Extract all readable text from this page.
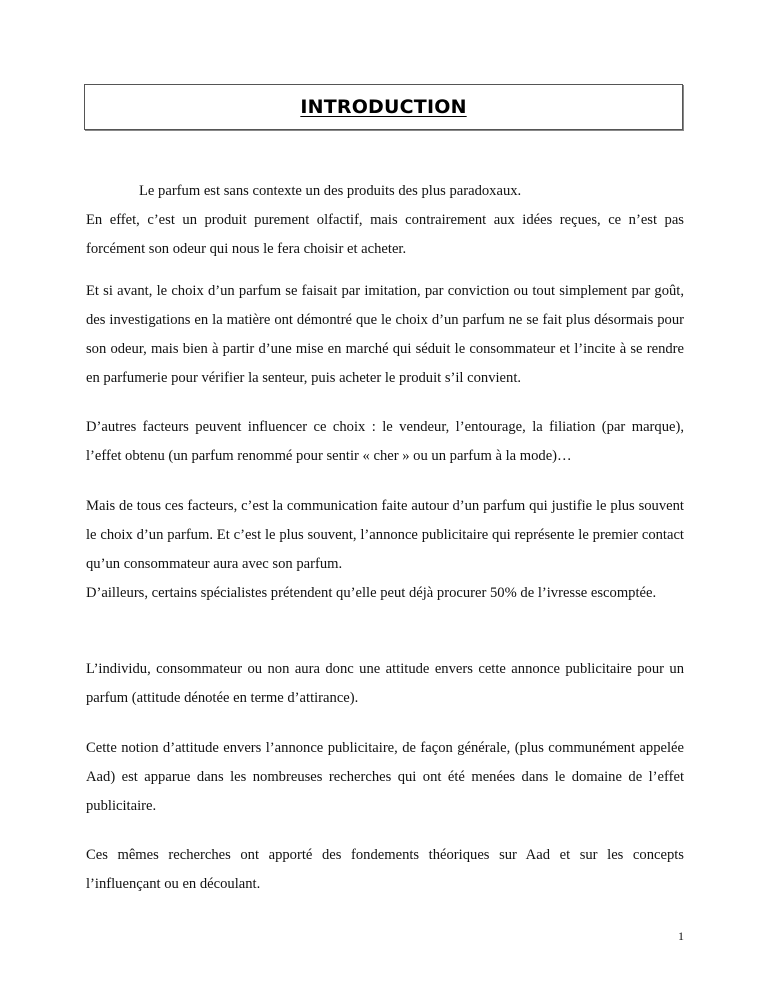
INTRODUCTION

Le parfum est sans contexte un des produits des plus paradoxaux.

En effet, c’est un produit purement olfactif, mais contrairement aux idées reçues, ce n’est pas forcément son odeur qui nous le fera choisir et acheter.

Et si avant, le choix d’un parfum se faisait par imitation, par conviction ou tout simplement par goût, des investigations en la matière ont démontré que le choix d’un parfum ne se fait plus désormais pour son odeur, mais bien à partir d’une mise en marché qui séduit le consommateur et l’incite à se rendre en parfumerie pour vérifier la senteur, puis acheter le produit s’il convient.

D’autres facteurs peuvent influencer ce choix : le vendeur, l’entourage, la filiation (par marque), l’effet obtenu (un parfum renommé pour sentir « cher » ou un parfum à la mode)…

Mais de tous ces facteurs, c’est la communication faite autour d’un parfum qui justifie le plus souvent le choix d’un parfum. Et c’est le plus souvent, l’annonce publicitaire qui représente le premier contact qu’un consommateur aura avec son parfum.

D’ailleurs, certains spécialistes prétendent qu’elle peut déjà procurer 50% de l’ivresse escomptée.

L’individu, consommateur ou non aura donc une attitude envers cette annonce publicitaire pour un parfum (attitude dénotée en terme d’attirance).

Cette notion d’attitude envers l’annonce publicitaire, de façon générale, (plus communément appelée Aad) est apparue dans les nombreuses recherches qui ont été menées dans le domaine de l’effet publicitaire.

Ces mêmes recherches ont apporté des fondements théoriques sur Aad et sur les concepts l’influençant ou en découlant.

1
